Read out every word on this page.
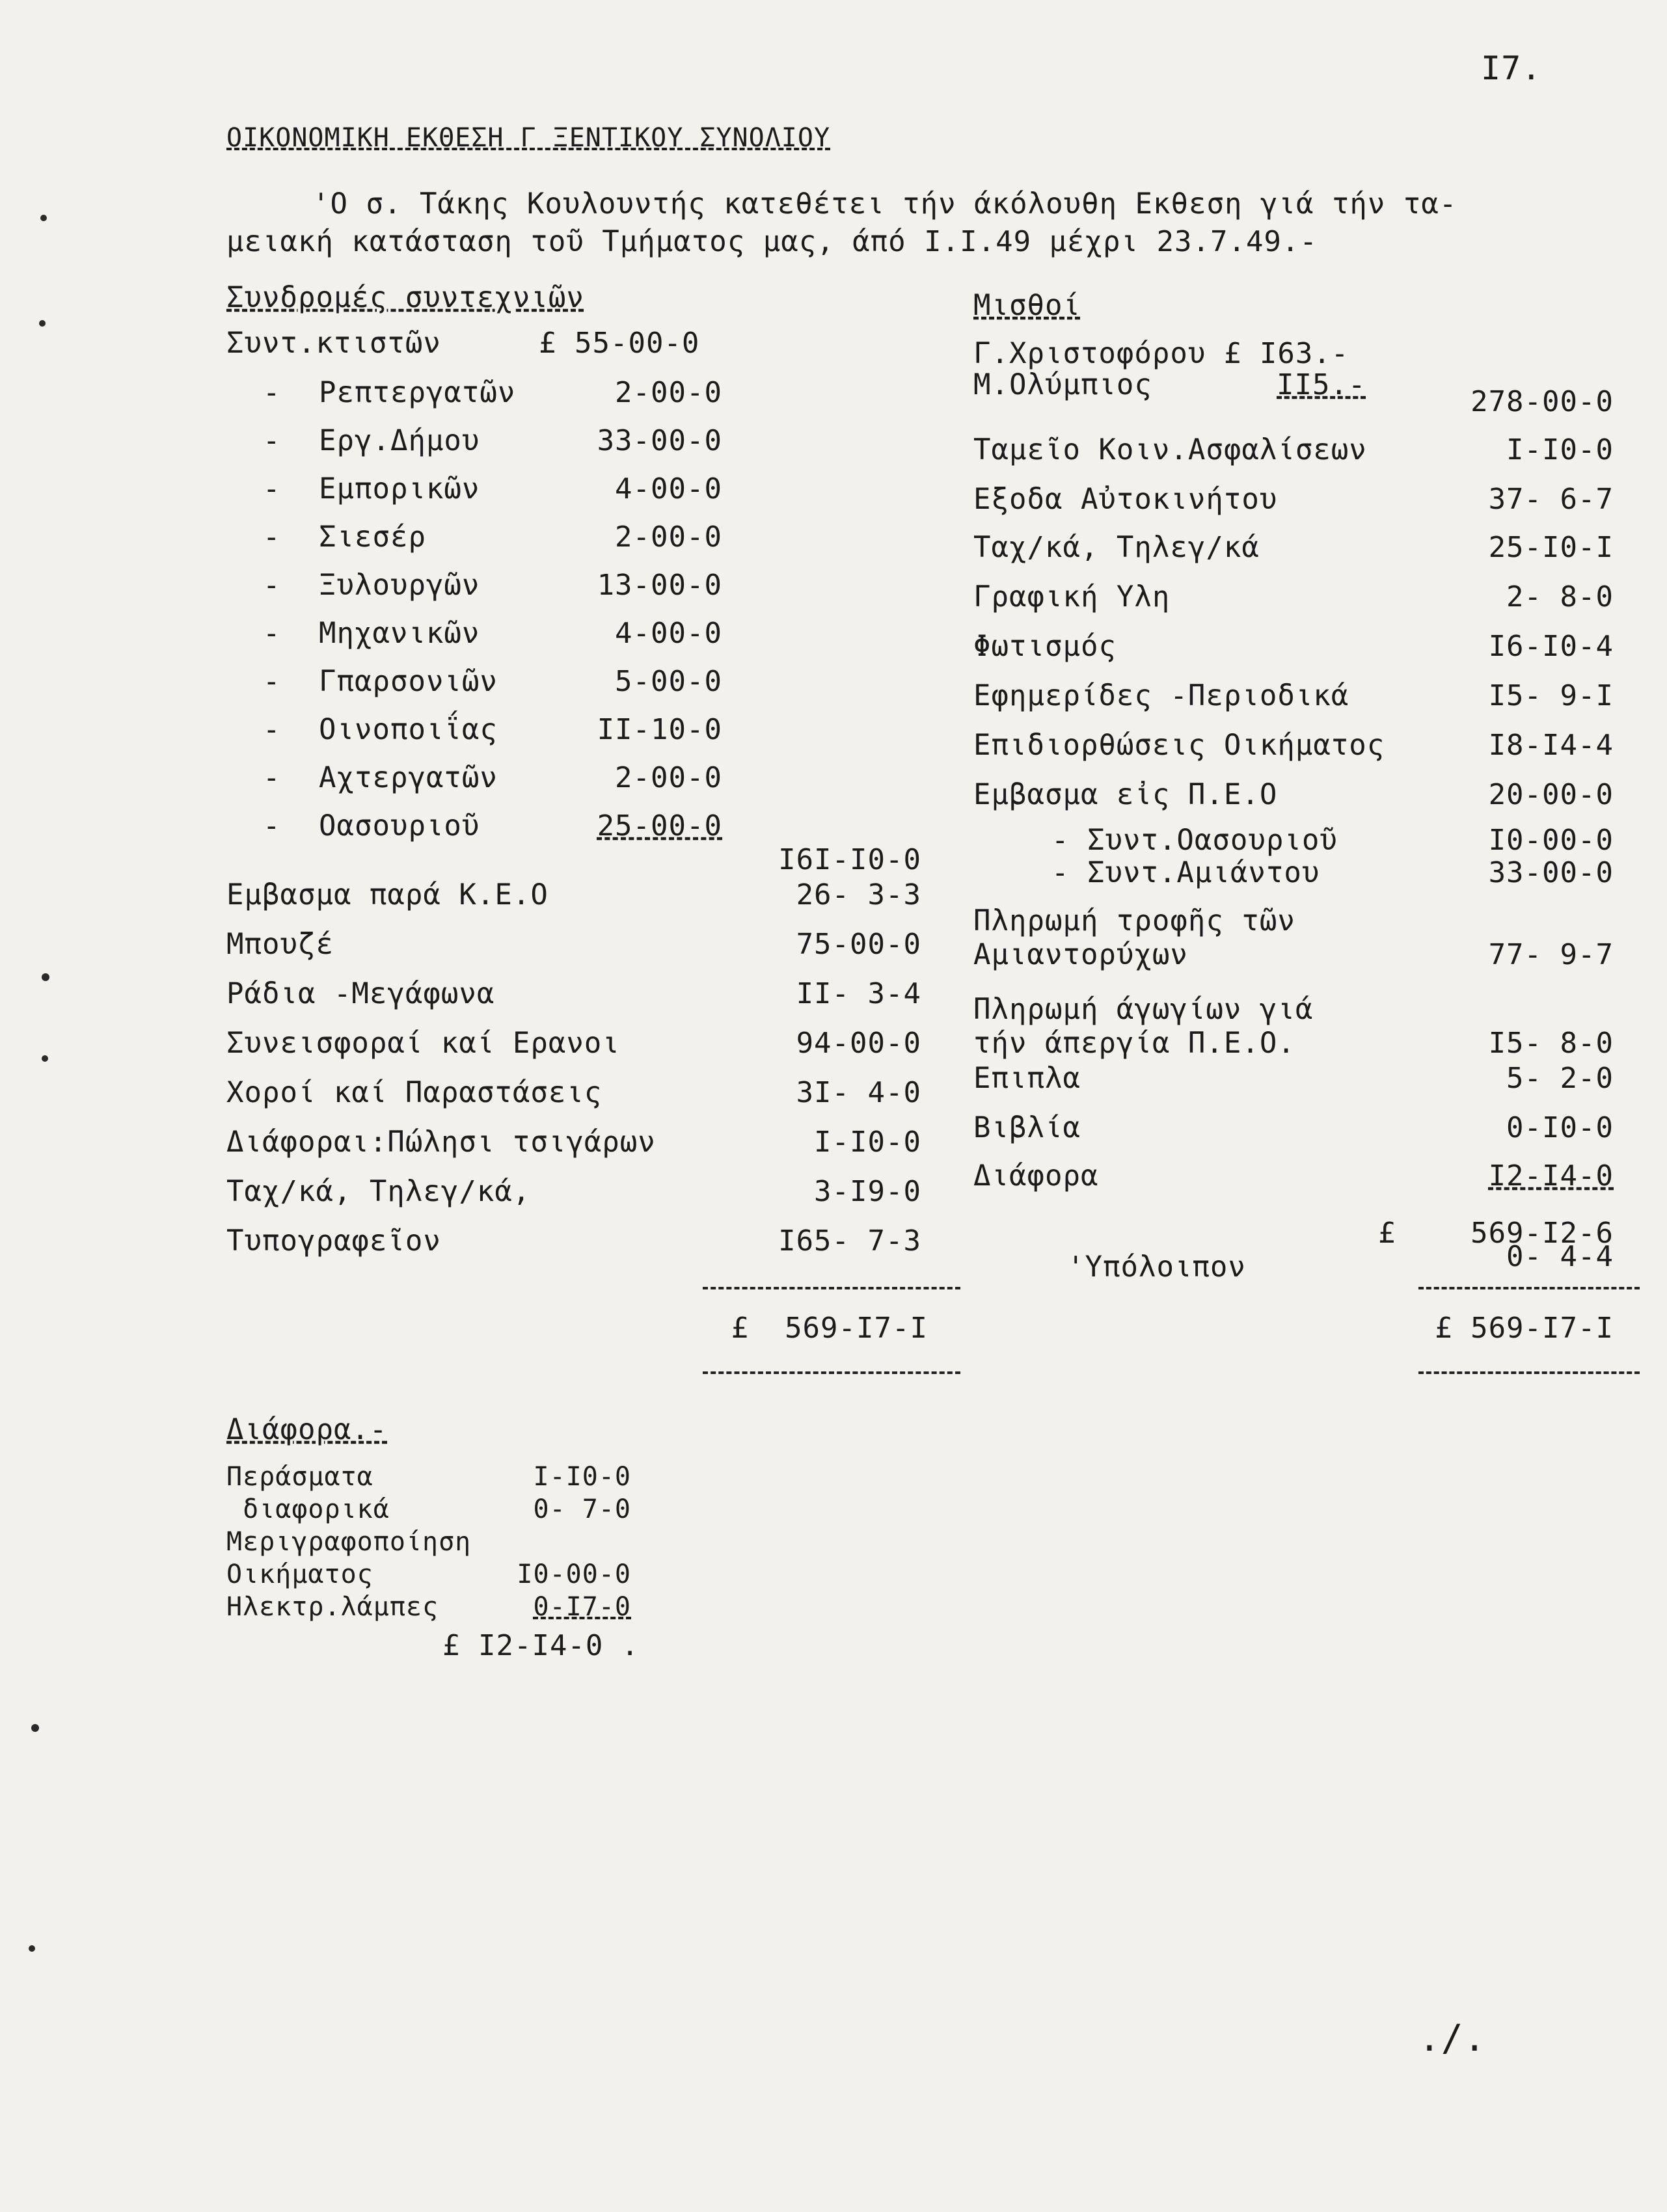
I7.
ΟΙΚΟΝΟΜΙΚΗ ΕΚΘΕΣΗ Γ ΞΕΝΤΙΚΟΥ ΣΥΝΟΛΙΟΥ
'Ο σ. Τάκης Κουλουντής κατεθέτει τήν άκόλουθη Εκθεση γιά τήν τα-
μειακή κατάσταση τοῦ Τμήματος μας, άπό I.I.49 μέχρι 23.7.49.-
Συνδρομές συντεχνιῶν
Συντ.κτιστῶν	£ 55-00-0
- Ρεπτεργατῶν	2-00-0
- Εργ.Δήμου	33-00-0
- Εμπορικῶν	4-00-0
- Σιεσέρ	2-00-0
- Ξυλουργῶν	13-00-0
- Μηχανικῶν	4-00-0
- Γπαρσονιῶν	5-00-0
- Οινοποιΐας	II-10-0
- Αχτεργατῶν	2-00-0
- Οασουριοῦ	25-00-0
I6I-I0-0
Εμβασμα παρά Κ.Ε.Ο	26- 3-3
Μπουζέ	75-00-0
Ράδια -Μεγάφωνα	II- 3-4
Συνεισφοραί καί Ερανοι	94-00-0
Χοροί καί Παραστάσεις	3I- 4-0
Διάφοραι:Πώλησι τσιγάρων	I-I0-0
Ταχ/κά, Τηλεγ/κά,	3-I9-0
Τυπογραφεῖον	I65- 7-3
£  569-I7-I
Μισθοί
Γ.Χριστοφόρου £ I63.-
Μ.Ολύμπιος	II5.-
278-00-0
Ταμεῖο Κοιν.Ασφαλίσεων	I-I0-0
Εξοδα Αὐτοκινήτου	37- 6-7
Ταχ/κά, Τηλεγ/κά	25-I0-I
Γραφική Υλη	2- 8-0
Φωτισμός	I6-I0-4
Εφημερίδες -Περιοδικά	I5- 9-I
Επιδιορθώσεις Οικήματος	I8-I4-4
Εμβασμα εἰς Π.Ε.Ο	20-00-0
- Συντ.Οασουριοῦ	I0-00-0
- Συντ.Αμιάντου	33-00-0
Πληρωμή τροφῆς τῶν
Αμιαντορύχων	77- 9-7
Πληρωμή άγωγίων γιά
τήν άπεργία Π.Ε.Ο.	I5- 8-0
Επιπλα	5- 2-0
Βιβλία	0-I0-0
Διάφορα	I2-I4-0
£	569-I2-6
'Υπόλοιπον	0- 4-4
£ 569-I7-I
Διάφορα.-
Περάσματα	I-I0-0
διαφορικά	0- 7-0
Μεριγραφοποίηση
Οικήματος	I0-00-0
Ηλεκτρ.λάμπες	0-I7-0
£ I2-I4-0 .
./.
